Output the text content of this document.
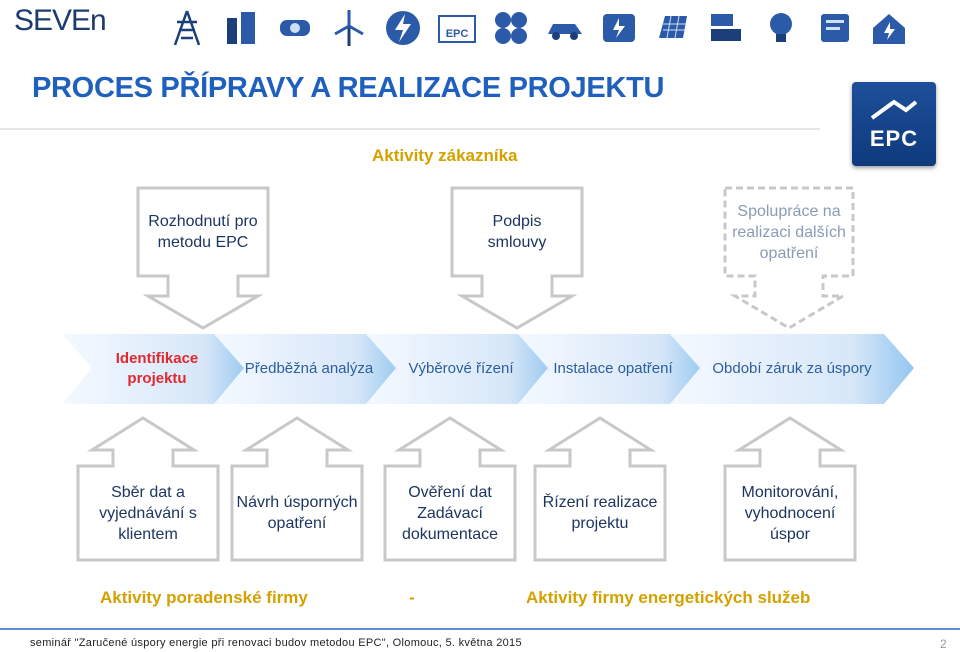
SEVEn	EPC
PROCES PŘÍPRAVY A REALIZACE PROJEKTU
EPC
Aktivity zákazníka
Rozhodnutí pro metodu EPC
Podpis smlouvy
Spolupráce na realizaci dalších opatření
Identifikace projektu
Předběžná analýza	Výběrové řízení	Instalace opatření	Období záruk za úspory
Sběr dat a vyjednávání s klientem
Návrh úsporných opatření
Ověření dat Zadávací dokumentace
Řízení realizace projektu
Monitorování, vyhodnocení úspor
Aktivity poradenské firmy	-	Aktivity firmy energetických služeb
seminář "Zaručené úspory energie při renovaci budov metodou EPC", Olomouc, 5. května 2015	2
